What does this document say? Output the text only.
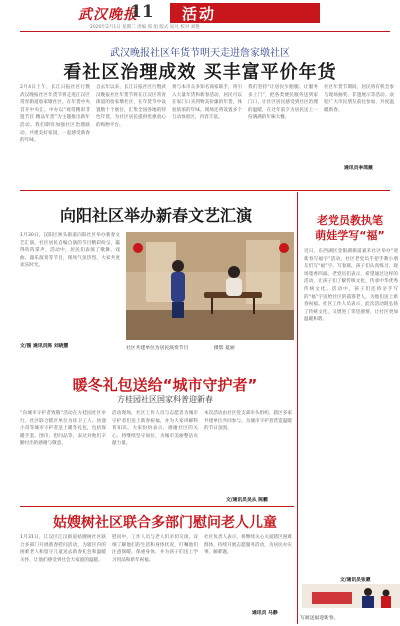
武汉晚报
11 活动
2020年2月1日 星期二 责编 郑 旭 版式 易凡 校对 刘艳
武汉晚报社区年货节明天走进詹家墩社区
看社区治理成效 买丰富平价年货
2月4日上午，长江日报社区行暨武汉晚报社区年货节将走进江汉区常青街道詹家墩社区。在年货中央首开中央汇、中办以“观赏精彩非遗节目 精品年货”为主题推出新年活动。我们期待加强社区治理联动，共建美好家园，一起感受新春的年味。
自去年以来，长江日报社区行暨武汉晚报社区年货节将在江汉区常青街道的詹家墩社区，在年货节中设置数十个展位，汇集全国各地的特色年货，为社区居民提供优惠放心的购物平台。
将与本市众多知名商家联手，将引入大量年货和新春活动，居民可以在家门口买到物美价廉的年货，体验浓浓的年味。现场还将设置多个互动体验区，内容丰富。
我们坚持“让居民少跑腿、让服务多上门”，把各类便民服务送到家门口，让社区居民感受到社区治理的温暖，在过年前夕为居民送上一份满满的年味大餐。
社区年货节期间，居民将有机会参与现场抽奖、非遗展示等活动。欢迎广大市民朋友前往参加，共度温暖新春。
通讯员李鸿薇
向阳社区举办新春文艺汇演
1月30日，汉阳区洲头街道向阳社区举办新春文艺汇演，社区居民自编自演的节目精彩纷呈，赢得阵阵掌声。活动中，居民们表演了歌舞、戏曲、器乐演奏等节目，现场气氛热烈，大家共度欢乐时光。
文/图 通讯员陈 刘晓慧	社区共建单位为居民演奏节目	摄影 夏丽
方桂园社区国家科普迎新春
暖冬礼包送给“城市守护者”
“向城市守护者致敬”活动在方桂园社区举行。社区联合辖区单位为环卫工人、快递小哥等城市守护者送上暖冬礼包，包括保暖手套、围巾、慰问品等，表达对他们辛勤付出的感谢与敬意。
活动现场，社区工作人员与志愿者为城市守护者们送上新春祝福，并为大家讲解科普知识。大家纷纷表示，感谢社区的关心，将继续坚守岗位，为城市美丽整洁贡献力量。
本次活动由社区党支部牵头组织，辖区多家共建单位共同参与，为城市守护者营造温暖的节日氛围。
文/通讯员吴从 陈鹏
姑嫂树社区联合多部门慰问老人儿童
1月31日，江汉区江汉街道姑嫂树社区联合多部门开展新春慰问活动，为辖区内的困难老人和留守儿童送去新春礼包和温暖关怀，让他们感受到社会大家庭的温暖。
慰问中，工作人员与老人们亲切交谈，详细了解他们的生活和身体状况，叮嘱他们注意保暖、保重身体，并为孩子们送上学习用品和新年祝福。
社区负责人表示，将继续关心关爱辖区困难群体，持续开展志愿服务活动，为居民办实事、解难题。
通讯员 马静
老党员教执笔
萌娃学写“福”
近日，东西湖区金银湖街道嘉禾社区举办“迎新春写福字”活动，社区老党员手把手教小朋友们写“福”字、写春联，孩子们认真练习，现场墨香四溢。老党员们表示，希望通过这样的活动，让孩子们了解传统文化，传承中华优秀传统文化。活动中，孩子们还将亲手写的“福”字送给社区的孤寡老人，为他们送上新春祝福。社区工作人员表示，此次活动既弘扬了传统文化，又增进了邻里感情，让社区更加温暖和谐。
文/通讯员张蒙
写福送福迎新春。
